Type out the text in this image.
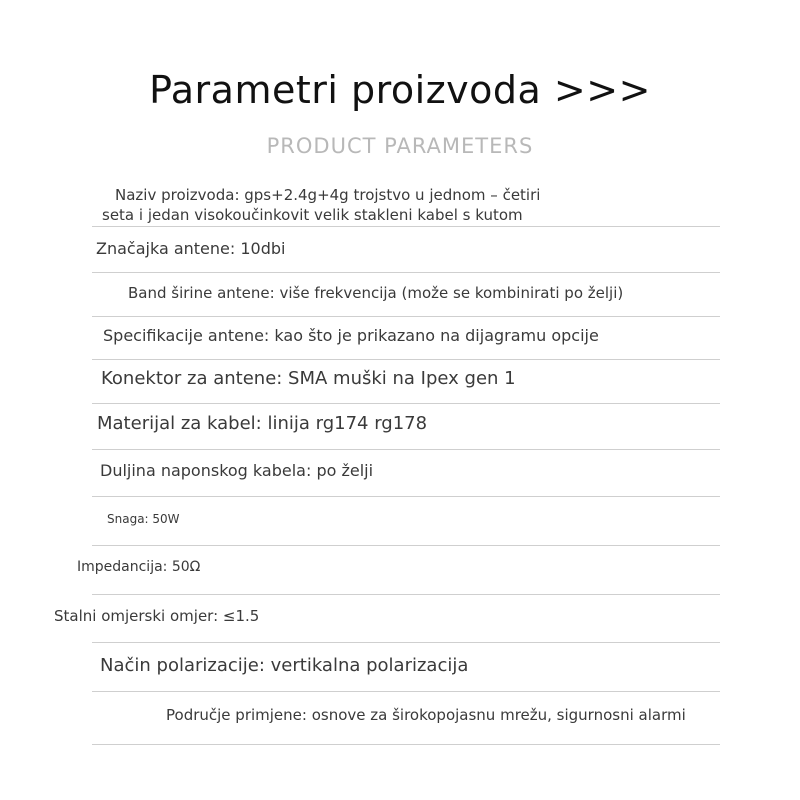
Parametri proizvoda >>>
PRODUCT PARAMETERS
Naziv proizvoda: gps+2.4g+4g trojstvo u jednom – četiri
seta i jedan visokoučinkovit velik stakleni kabel s kutom
Značajka antene: 10dbi
Band širine antene: više frekvencija (može se kombinirati po želji)
Specifikacije antene: kao što je prikazano na dijagramu opcije
Konektor za antene: SMA muški na Ipex gen 1
Materijal za kabel: linija rg174 rg178
Duljina naponskog kabela: po želji
Snaga: 50W
Impedancija: 50Ω
Stalni omjerski omjer: ≤1.5
Način polarizacije: vertikalna polarizacija
Područje primjene: osnove za širokopojasnu mrežu, sigurnosni alarmi
